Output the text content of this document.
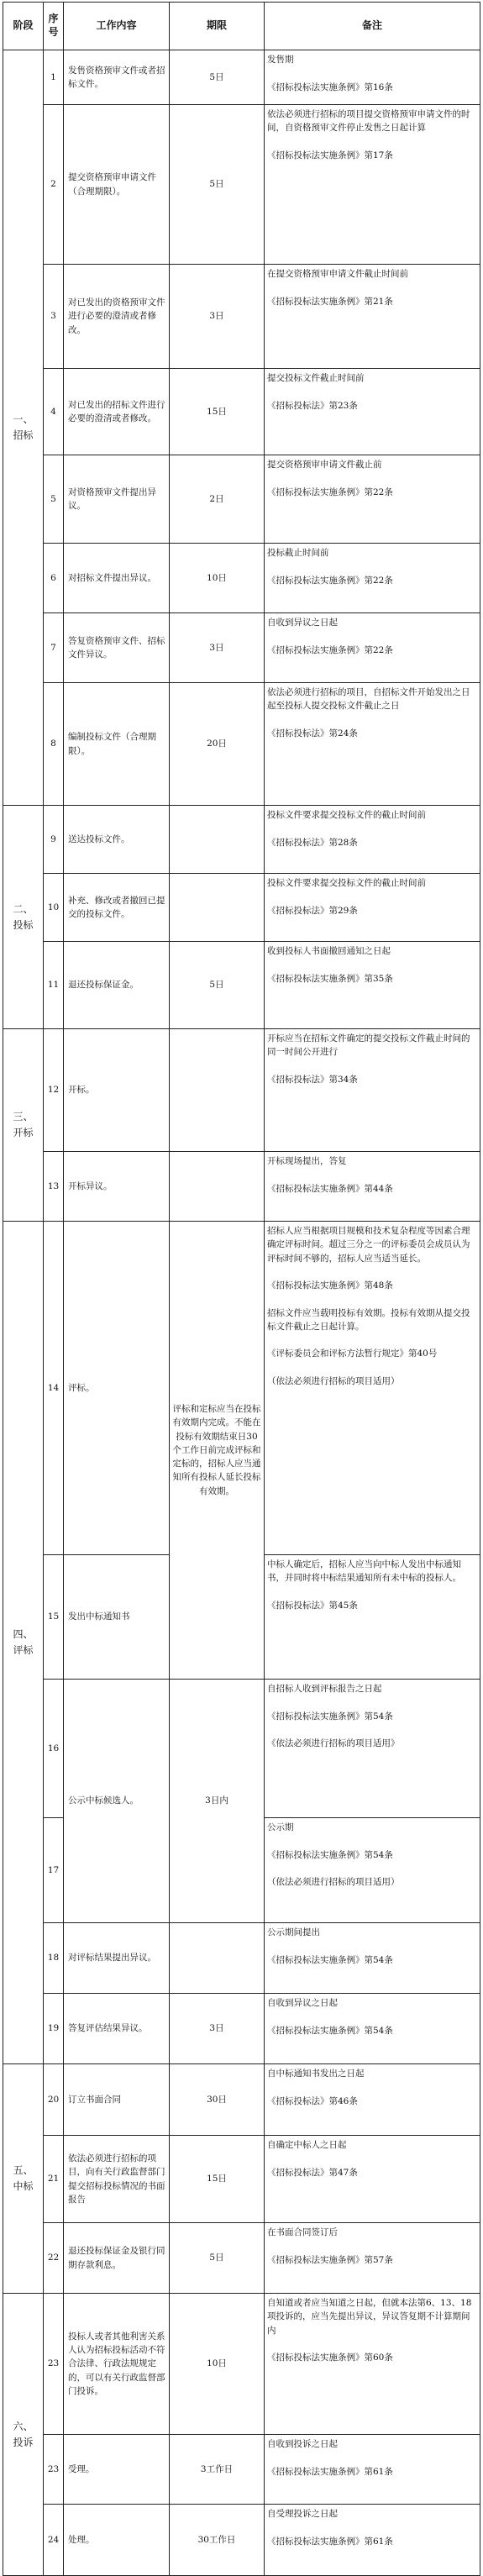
阶段	序号	工作内容	期限	备注
一、
招标	1	发售资格预审文件或者招标文件。	5日	发售期

《招标投标法实施条例》第16条
	2	提交资格预审申请文件（合理期限）。	5日	依法必须进行招标的项目提交资格预审申请文件的时间，自资格预审文件停止发售之日起计算

《招标投标法实施条例》第17条
	3	对已发出的资格预审文件进行必要的澄清或者修改。	3日	在提交资格预审申请文件截止时间前

《招标投标法实施条例》第21条
	4	对已发出的招标文件进行必要的澄清或者修改。	15日	提交投标文件截止时间前

《招标投标法》第23条
	5	对资格预审文件提出异议。	2日	提交资格预审申请文件截止前

《招标投标法实施条例》第22条
	6	对招标文件提出异议。	10日	投标截止时间前

《招标投标法实施条例》第22条
	7	答复资格预审文件、招标文件异议。	3日	自收到异议之日起

《招标投标法实施条例》第22条
	8	编制投标文件（合理期限）。	20日	依法必须进行招标的项目，自招标文件开始发出之日起至投标人提交投标文件截止之日

《招标投标法》第24条
二、
投标	9	送达投标文件。		投标文件要求提交投标文件的截止时间前

《招标投标法》第28条
	10	补充、修改或者撤回已提交的投标文件。		投标文件要求提交投标文件的截止时间前

《招标投标法》第29条
	11	退还投标保证金。	5日	收到投标人书面撤回通知之日起

《招标投标法实施条例》第35条
三、
开标	12	开标。		开标应当在招标文件确定的提交投标文件截止时间的同一时间公开进行

《招标投标法》第34条
	13	开标异议。		开标现场提出，答复

《招标投标法实施条例》第44条
四、
评标	14	评标。	评标和定标应当在投标有效期内完成。不能在投标有效期结束日30个工作日前完成评标和定标的，招标人应当通知所有投标人延长投标有效期。	招标人应当根据项目规模和技术复杂程度等因素合理确定评标时间。超过三分之一的评标委员会成员认为评标时间不够的，招标人应当适当延长。

《招标投标法实施条例》第48条

招标文件应当载明投标有效期。投标有效期从提交投标文件截止之日起计算。

《评标委员会和评标方法暂行规定》第40号

（依法必须进行招标的项目适用）
	15	发出中标通知书		中标人确定后，招标人应当向中标人发出中标通知书，并同时将中标结果通知所有未中标的投标人。

《招标投标法》第45条
	16	公示中标候选人。	3日内	自招标人收到评标报告之日起

《招标投标法实施条例》第54条

《依法必须进行招标的项目适用》
	17			公示期

《招标投标法实施条例》第54条

（依法必须进行招标的项目适用）
	18	对评标结果提出异议。		公示期间提出

《招标投标法实施条例》第54条
	19	答复评估结果异议。	3日	自收到异议之日起

《招标投标法实施条例》第54条
五、
中标	20	订立书面合同	30日	自中标通知书发出之日起

《招标投标法》第46条
	21	依法必须进行招标的项目，向有关行政监督部门提交招标投标情况的书面报告	15日	自确定中标人之日起

《招标投标法》第47条
	22	退还投标保证金及银行同期存款利息。	5日	在书面合同签订后

《招标投标法实施条例》第57条
六、
投诉	23	投标人或者其他利害关系人认为招标投标活动不符合法律、行政法规规定的，可以有关行政监督部门投诉。	10日	自知道或者应当知道之日起，但就本法第6、13、18项投诉的，应当先提出异议，异议答复期不计算期间内

《招标投标法实施条例》第60条
	23	受理。	3工作日	自收到投诉之日起

《招标投标法实施条例》第61条
	24	处理。	30工作日	自受理投诉之日起

《招标投标法实施条例》第61条
